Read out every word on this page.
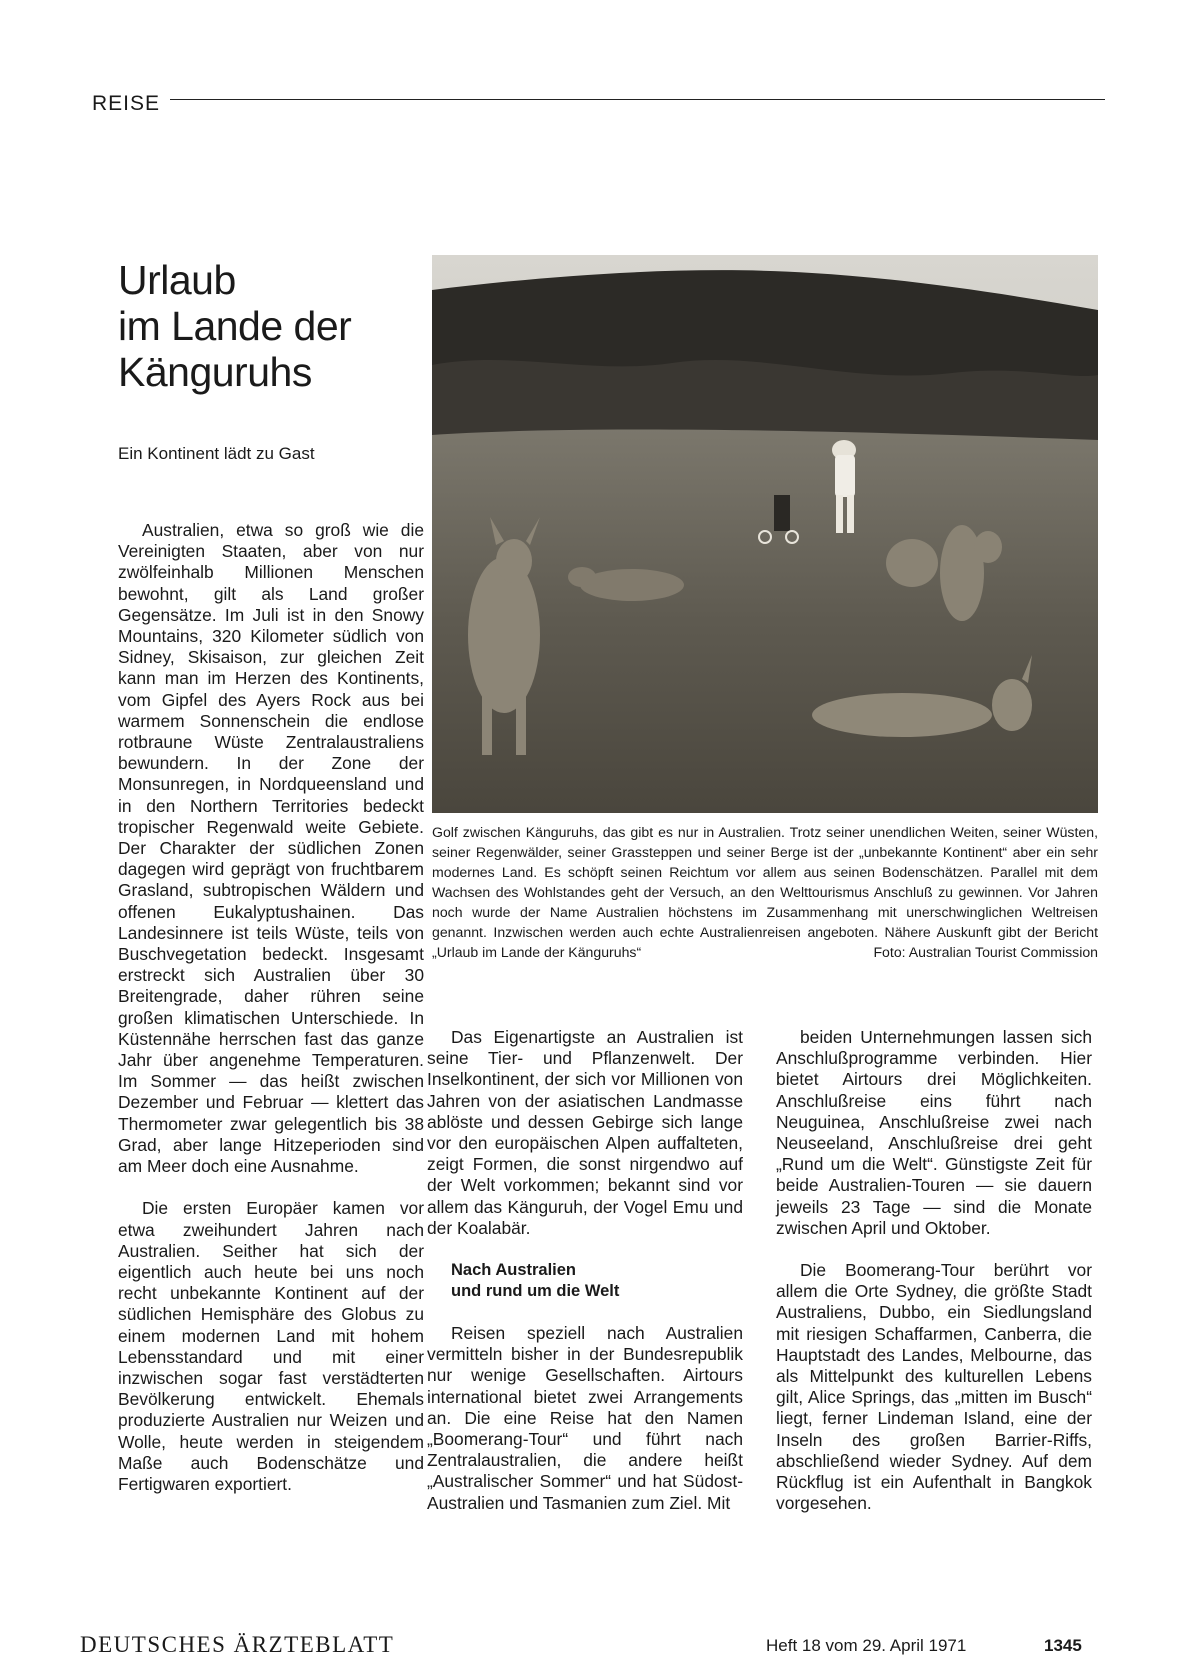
REISE
Urlaub
im Lande der
Känguruhs

Ein Kontinent lädt zu Gast

Australien, etwa so groß wie die Vereinigten Staaten, aber von nur zwölfeinhalb Millionen Menschen bewohnt, gilt als Land großer Gegensätze. Im Juli ist in den Snowy Mountains, 320 Kilometer südlich von Sidney, Skisaison, zur gleichen Zeit kann man im Herzen des Kontinents, vom Gipfel des Ayers Rock aus bei warmem Sonnenschein die endlose rotbraune Wüste Zentralaustraliens bewundern. In der Zone der Monsunregen, in Nordqueensland und in den Northern Territories bedeckt tropischer Regenwald weite Gebiete. Der Charakter der südlichen Zonen dagegen wird geprägt von fruchtbarem Grasland, subtropischen Wäldern und offenen Eukalyptushainen. Das Landesinnere ist teils Wüste, teils von Buschvegetation bedeckt. Insgesamt erstreckt sich Australien über 30 Breitengrade, daher rühren seine großen klimatischen Unterschiede. In Küstennähe herrschen fast das ganze Jahr über angenehme Temperaturen. Im Sommer — das heißt zwischen Dezember und Februar — klettert das Thermometer zwar gelegentlich bis 38 Grad, aber lange Hitzeperioden sind am Meer doch eine Ausnahme.

Die ersten Europäer kamen vor etwa zweihundert Jahren nach Australien. Seither hat sich der eigentlich auch heute bei uns noch recht unbekannte Kontinent auf der südlichen Hemisphäre des Globus zu einem modernen Land mit hohem Lebensstandard und mit einer inzwischen sogar fast verstädterten Bevölkerung entwickelt. Ehemals produzierte Australien nur Weizen und Wolle, heute werden in steigendem Maße auch Bodenschätze und Fertigwaren exportiert.

Golf zwischen Känguruhs, das gibt es nur in Australien. Trotz seiner unendlichen Weiten, seiner Wüsten, seiner Regenwälder, seiner Grassteppen und seiner Berge ist der „unbekannte Kontinent“ aber ein sehr modernes Land. Es schöpft seinen Reichtum vor allem aus seinen Bodenschätzen. Parallel mit dem Wachsen des Wohlstandes geht der Versuch, an den Welttourismus Anschluß zu gewinnen. Vor Jahren noch wurde der Name Australien höchstens im Zusammenhang mit unerschwinglichen Weltreisen genannt. Inzwischen werden auch echte Australienreisen angeboten. Nähere Auskunft gibt der Bericht „Urlaub im Lande der Känguruhs“	Foto: Australian Tourist Commission

Das Eigenartigste an Australien ist seine Tier- und Pflanzenwelt. Der Inselkontinent, der sich vor Millionen von Jahren von der asiatischen Landmasse ablöste und dessen Gebirge sich lange vor den europäischen Alpen auffalteten, zeigt Formen, die sonst nirgendwo auf der Welt vorkommen; bekannt sind vor allem das Känguruh, der Vogel Emu und der Koalabär.

Nach Australien
und rund um die Welt

Reisen speziell nach Australien vermitteln bisher in der Bundesrepublik nur wenige Gesellschaften. Airtours international bietet zwei Arrangements an. Die eine Reise hat den Namen „Boomerang-Tour“ und führt nach Zentralaustralien, die andere heißt „Australischer Sommer“ und hat Südost-Australien und Tasmanien zum Ziel. Mit

beiden Unternehmungen lassen sich Anschlußprogramme verbinden. Hier bietet Airtours drei Möglichkeiten. Anschlußreise eins führt nach Neuguinea, Anschlußreise zwei nach Neuseeland, Anschlußreise drei geht „Rund um die Welt“. Günstigste Zeit für beide Australien-Touren — sie dauern jeweils 23 Tage — sind die Monate zwischen April und Oktober.

Die Boomerang-Tour berührt vor allem die Orte Sydney, die größte Stadt Australiens, Dubbo, ein Siedlungsland mit riesigen Schaffarmen, Canberra, die Hauptstadt des Landes, Melbourne, das als Mittelpunkt des kulturellen Lebens gilt, Alice Springs, das „mitten im Busch“ liegt, ferner Lindeman Island, eine der Inseln des großen Barrier-Riffs, abschließend wieder Sydney. Auf dem Rückflug ist ein Aufenthalt in Bangkok vorgesehen.

DEUTSCHES ÄRZTEBLATT	Heft 18 vom 29. April 1971	1345
